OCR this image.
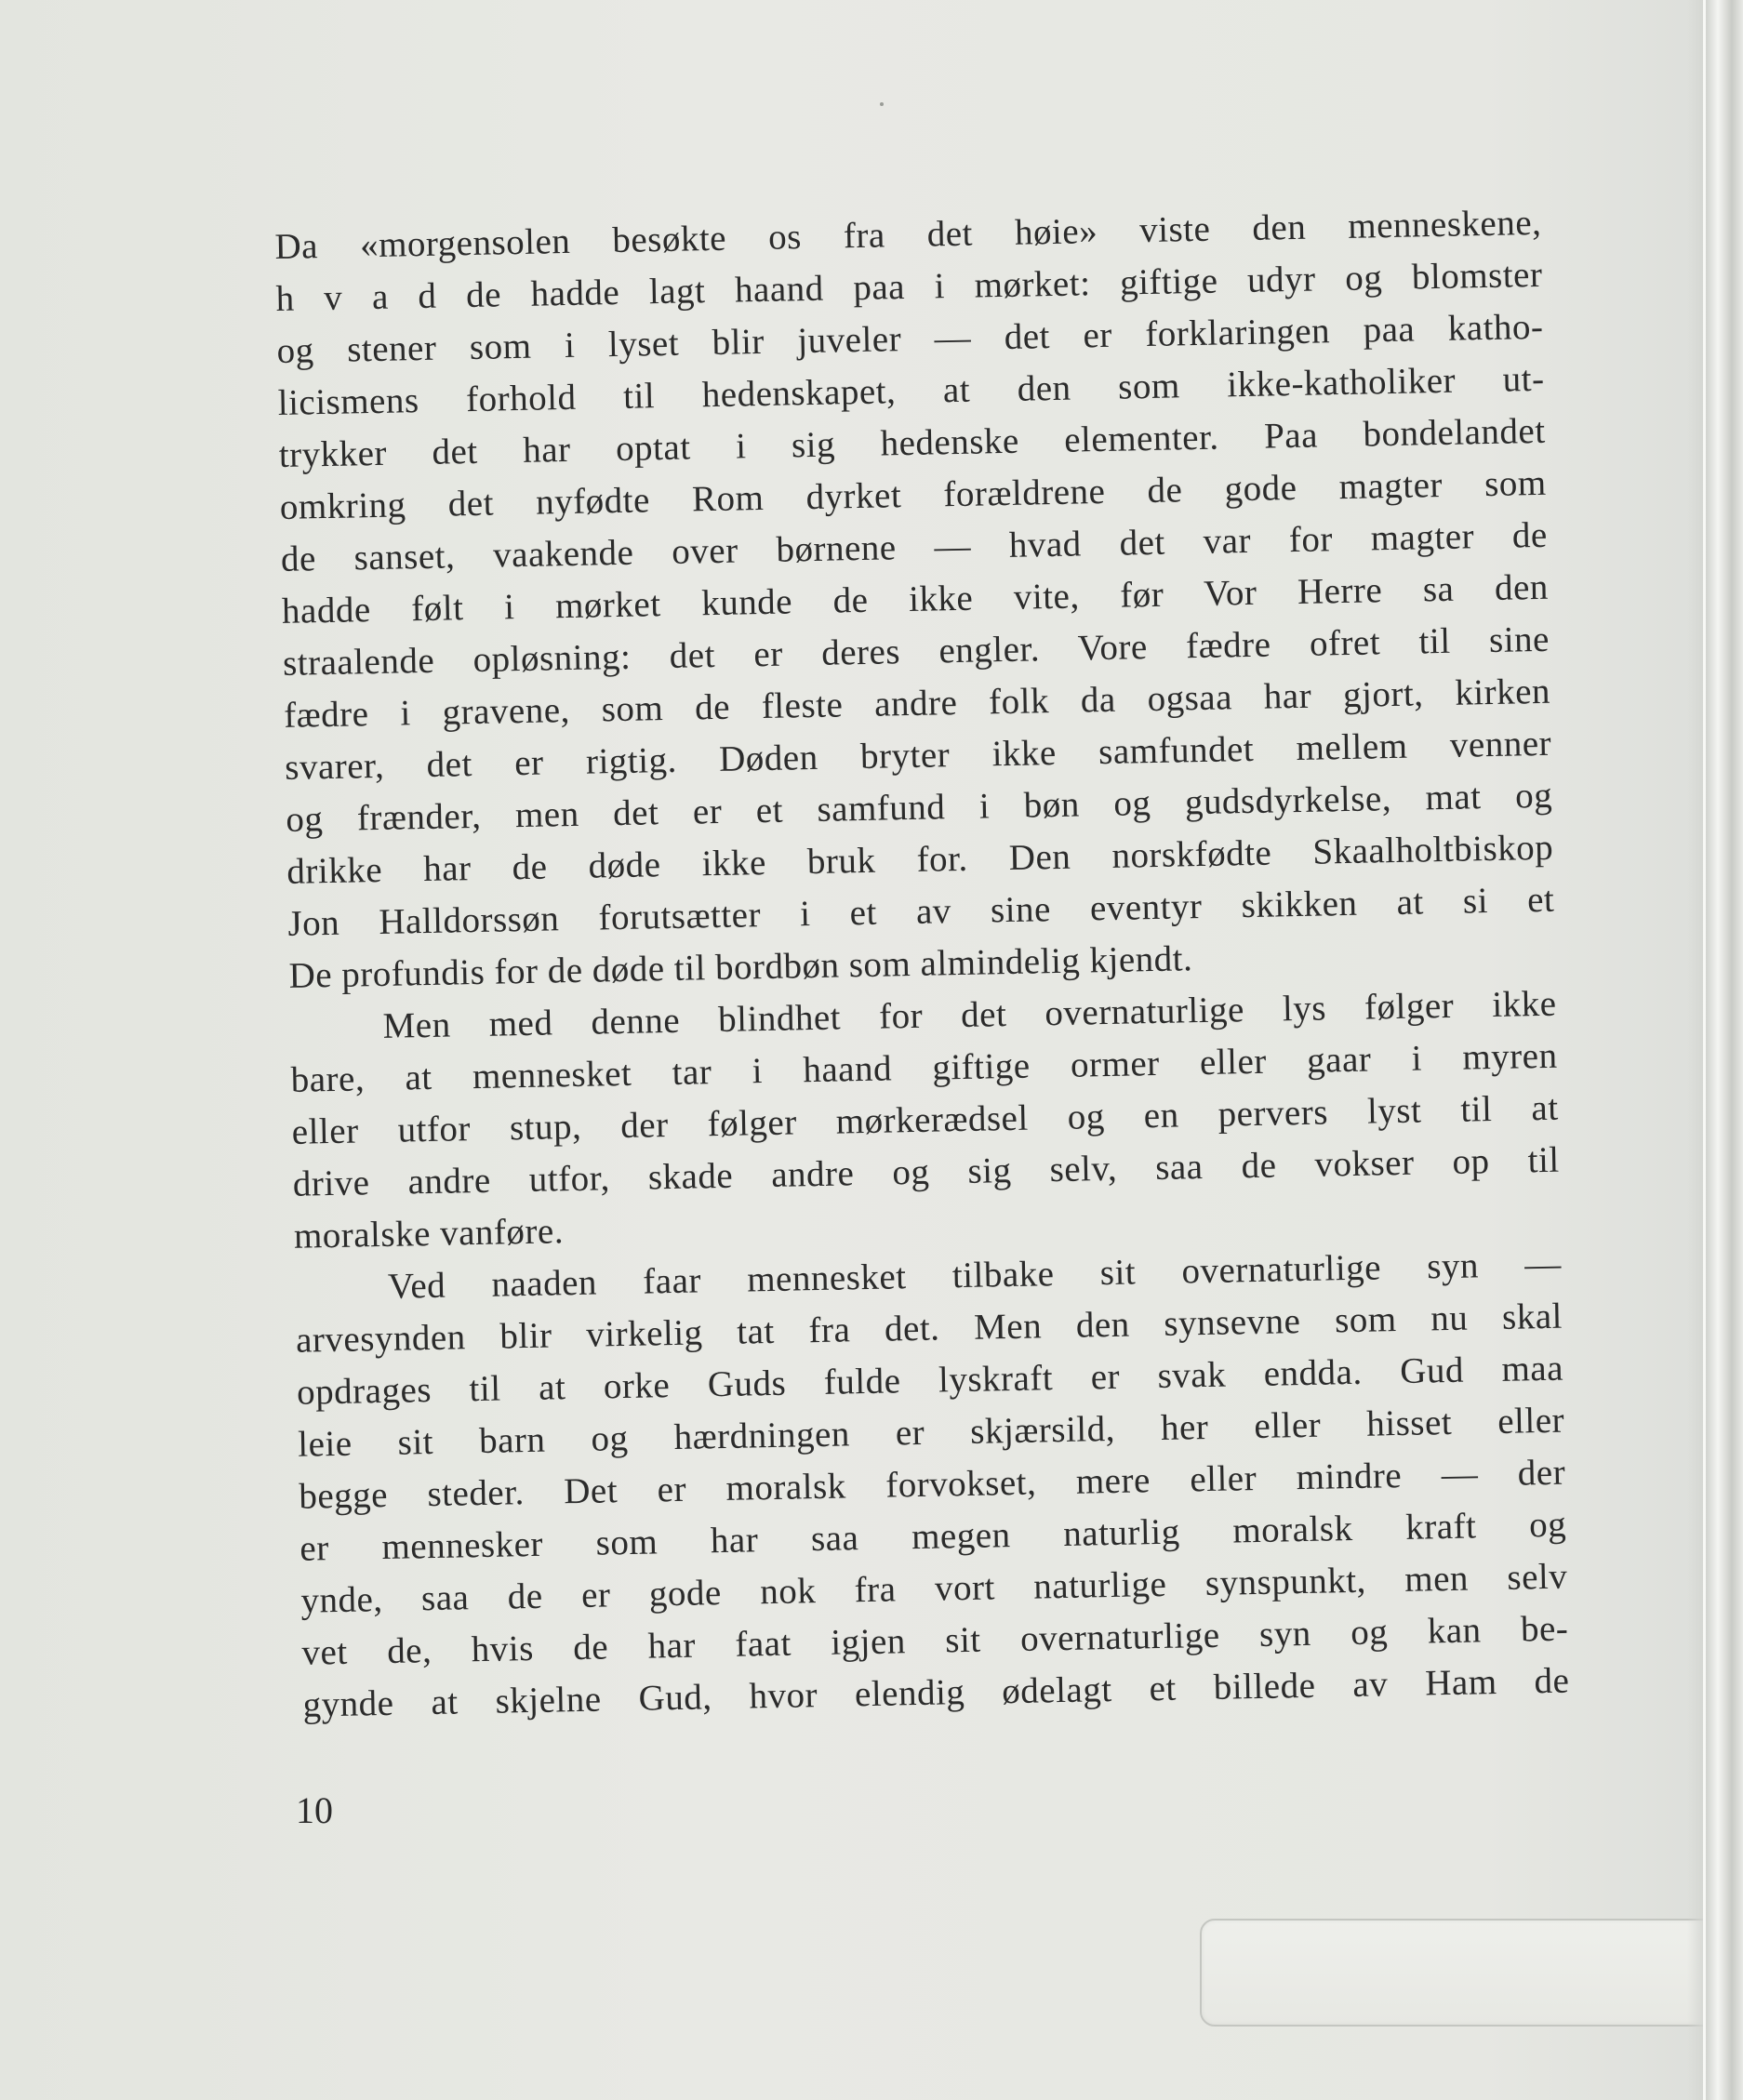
Da «morgensolen besøkte os fra det høie» viste den menneskene,
h v a d de hadde lagt haand paa i mørket: giftige udyr og blomster
og stener som i lyset blir juveler — det er forklaringen paa katho-
licismens forhold til hedenskapet, at den som ikke-katholiker ut-
trykker det har optat i sig hedenske elementer. Paa bondelandet
omkring det nyfødte Rom dyrket forældrene de gode magter som
de sanset, vaakende over børnene — hvad det var for magter de
hadde følt i mørket kunde de ikke vite, før Vor Herre sa den
straalende opløsning: det er deres engler. Vore fædre ofret til sine
fædre i gravene, som de fleste andre folk da ogsaa har gjort, kirken
svarer, det er rigtig. Døden bryter ikke samfundet mellem venner
og frænder, men det er et samfund i bøn og gudsdyrkelse, mat og
drikke har de døde ikke bruk for. Den norskfødte Skaalholtbiskop
Jon Halldorssøn forutsætter i et av sine eventyr skikken at si et
De profundis for de døde til bordbøn som almindelig kjendt.
Men med denne blindhet for det overnaturlige lys følger ikke
bare, at mennesket tar i haand giftige ormer eller gaar i myren
eller utfor stup, der følger mørkerædsel og en pervers lyst til at
drive andre utfor, skade andre og sig selv, saa de vokser op til
moralske vanføre.
Ved naaden faar mennesket tilbake sit overnaturlige syn —
arvesynden blir virkelig tat fra det. Men den synsevne som nu skal
opdrages til at orke Guds fulde lyskraft er svak endda. Gud maa
leie sit barn og hærdningen er skjærsild, her eller hisset eller
begge steder. Det er moralsk forvokset, mere eller mindre — der
er mennesker som har saa megen naturlig moralsk kraft og
ynde, saa de er gode nok fra vort naturlige synspunkt, men selv
vet de, hvis de har faat igjen sit overnaturlige syn og kan be-
gynde at skjelne Gud, hvor elendig ødelagt et billede av Ham de
10
